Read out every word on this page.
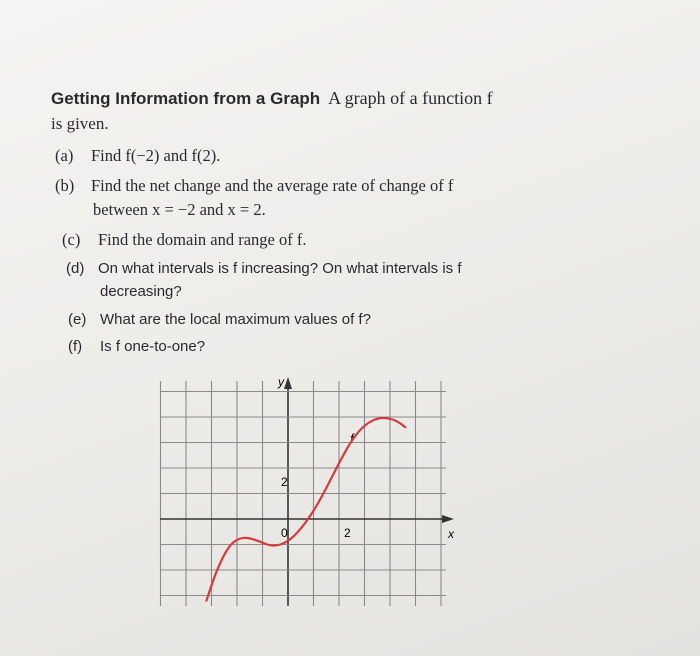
Getting Information from a Graph A graph of a function f
is given.
(a) Find f(−2) and f(2).
(b) Find the net change and the average rate of change of f
between x = −2 and x = 2.
(c) Find the domain and range of f.
(d) On what intervals is f increasing? On what intervals is f
decreasing?
(e) What are the local maximum values of f?
(f) Is f one-to-one?
y
x
2
0	2
f
